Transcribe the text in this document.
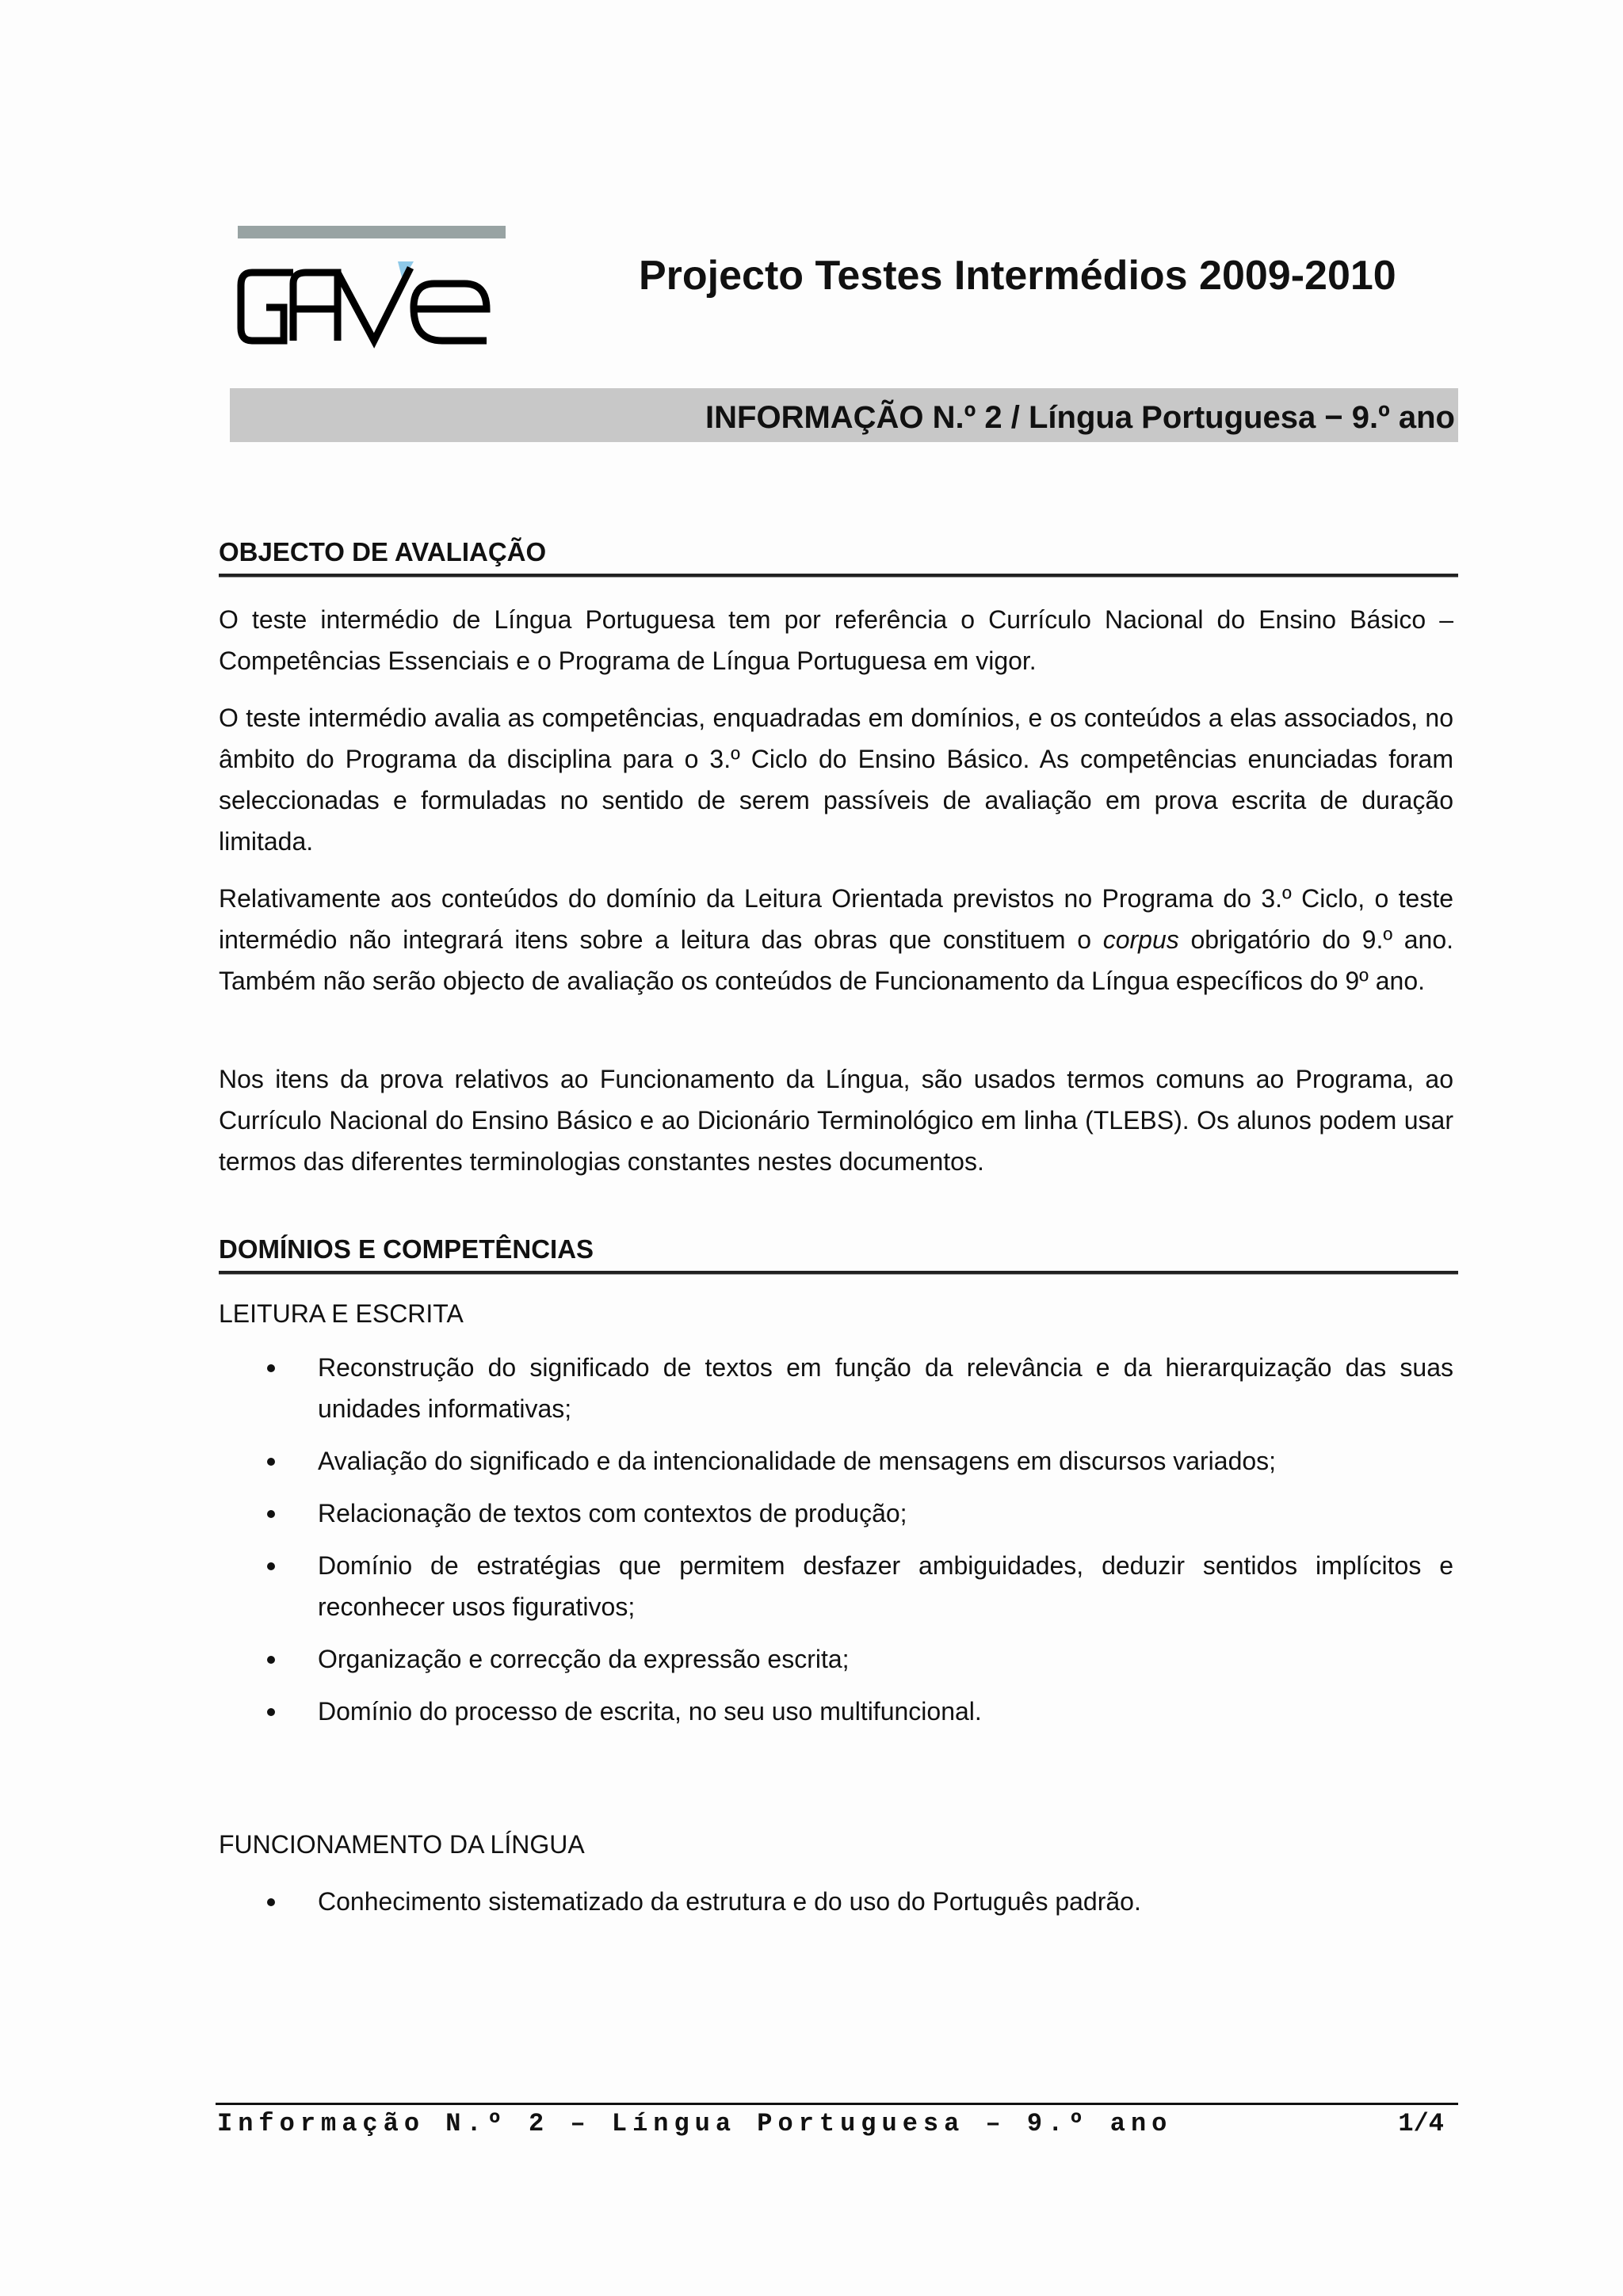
Projecto Testes Intermédios 2009-2010
INFORMAÇÃO N.º 2 / Língua Portuguesa − 9.º ano
OBJECTO DE AVALIAÇÃO

O teste intermédio de Língua Portuguesa tem por referência o Currículo Nacional do Ensino Básico – Competências Essenciais e o Programa de Língua Portuguesa em vigor.

O teste intermédio avalia as competências, enquadradas em domínios, e os conteúdos a elas associados, no âmbito do Programa da disciplina para o 3.º Ciclo do Ensino Básico. As competências enunciadas foram seleccionadas e formuladas no sentido de serem passíveis de avaliação em prova escrita de duração limitada.

Relativamente aos conteúdos do domínio da Leitura Orientada previstos no Programa do 3.º Ciclo, o teste intermédio não integrará itens sobre a leitura das obras que constituem o corpus obrigatório do 9.º ano. Também não serão objecto de avaliação os conteúdos de Funcionamento da Língua específicos do 9º ano.

Nos itens da prova relativos ao Funcionamento da Língua, são usados termos comuns ao Programa, ao Currículo Nacional do Ensino Básico e ao Dicionário Terminológico em linha (TLEBS). Os alunos podem usar termos das diferentes terminologias constantes nestes documentos.

DOMÍNIOS E COMPETÊNCIAS
LEITURA E ESCRITA
Reconstrução do significado de textos em função da relevância e da hierarquização das suas unidades informativas;
Avaliação do significado e da intencionalidade de mensagens em discursos variados;
Relacionação de textos com contextos de produção;
Domínio de estratégias que permitem desfazer ambiguidades, deduzir sentidos implícitos e reconhecer usos figurativos;
Organização e correcção da expressão escrita;
Domínio do processo de escrita, no seu uso multifuncional.
FUNCIONAMENTO DA LÍNGUA
Conhecimento sistematizado da estrutura e do uso do Português padrão.
Informação N.º 2 – Língua Portuguesa – 9.º ano	1/4
